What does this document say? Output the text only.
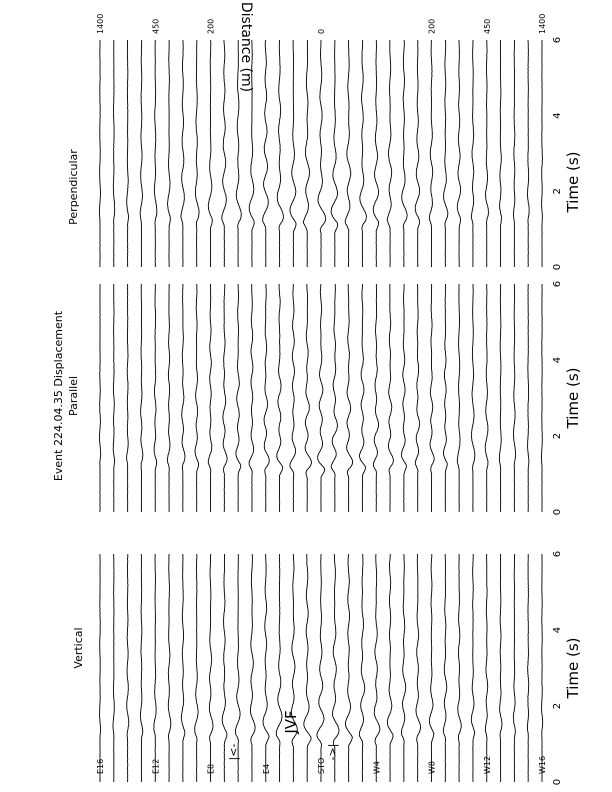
Event 224.04.35 Displacement
Vertical
0
2
4
6
Time (s)
Parallel
0
2
4
6
Time (s)
Perpendicular
0
2
4
6
Time (s)
E16	E12	E8	E4	STO	W4	W8	W12	W16
1400	450	200	0	200	450	1400
Distance (m)
|<-
JVF
->|
